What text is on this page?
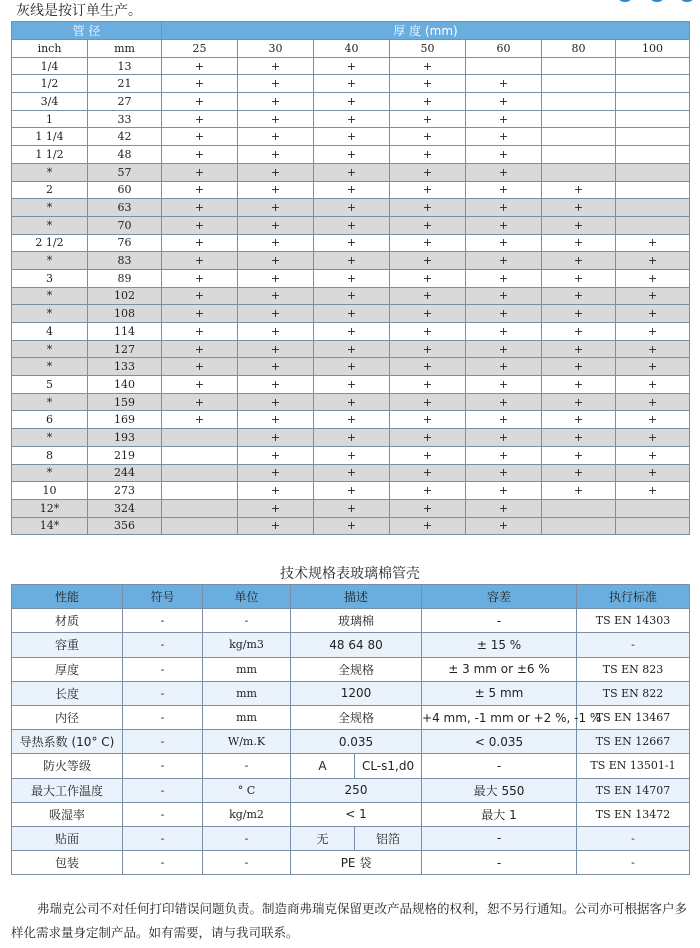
灰线是按订单生产。
管 径		厚 度 (mm)						
inch	mm	25	30	40	50	60	80	100
1/4	13	+	+	+	+			
1/2	21	+	+	+	+	+		
3/4	27	+	+	+	+	+		
1	33	+	+	+	+	+		
1 1/4	42	+	+	+	+	+		
1 1/2	48	+	+	+	+	+		
*	57	+	+	+	+	+		
2	60	+	+	+	+	+	+	
*	63	+	+	+	+	+	+	
*	70	+	+	+	+	+	+	
2 1/2	76	+	+	+	+	+	+	+
*	83	+	+	+	+	+	+	+
3	89	+	+	+	+	+	+	+
*	102	+	+	+	+	+	+	+
*	108	+	+	+	+	+	+	+
4	114	+	+	+	+	+	+	+
*	127	+	+	+	+	+	+	+
*	133	+	+	+	+	+	+	+
5	140	+	+	+	+	+	+	+
*	159	+	+	+	+	+	+	+
6	169	+	+	+	+	+	+	+
*	193		+	+	+	+	+	+
8	219		+	+	+	+	+	+
*	244		+	+	+	+	+	+
10	273		+	+	+	+	+	+
12*	324		+	+	+	+		
14*	356		+	+	+	+		
技术规格表玻璃棉管壳
性能	符号	单位	描述		容差	执行标准
材质	-	-	玻璃棉		-	TS EN 14303
容重	-	kg/m3	48 64 80		± 15 %	-
厚度	-	mm	全规格		± 3 mm or ±6 %	TS EN 823
长度	-	mm	1200		± 5 mm	TS EN 822
内径	-	mm	全规格		+4 mm, -1 mm or +2 %, -1 %	TS EN 13467
导热系数 (10° C)	-	W/m.K	0.035		< 0.035	TS EN 12667
防火等级	-	-	A	CL-s1,d0	-	TS EN 13501-1
最大工作温度	-	° C	250		最大 550	TS EN 14707
吸湿率	-	kg/m2	< 1		最大 1	TS EN 13472
贴面	-	-	无	铝箔	-	-
包装	-	-	PE 袋		-	-
弗瑞克公司不对任何打印错误问题负责。制造商弗瑞克保留更改产品规格的权利，恕不另行通知。公司亦可根据客户多样化需求量身定制产品。如有需要，请与我司联系。
